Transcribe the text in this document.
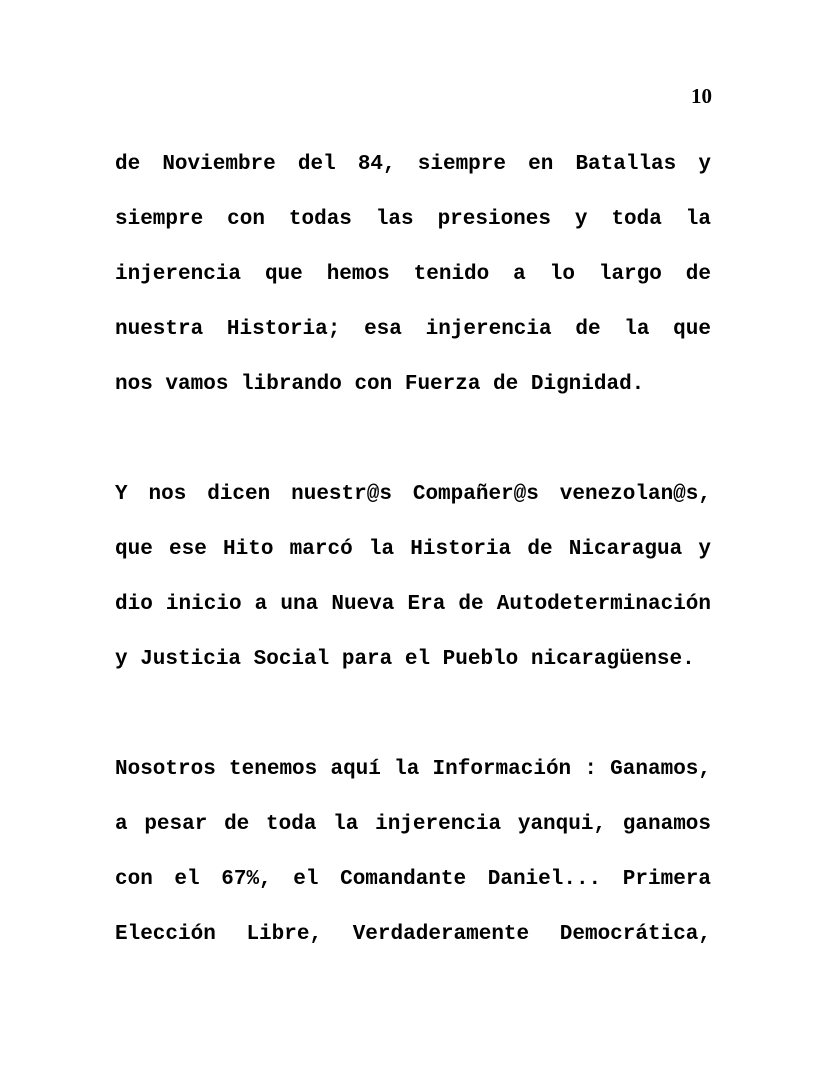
10
de Noviembre del 84, siempre en Batallas y
siempre con todas las presiones y toda la
injerencia que hemos tenido a lo largo de
nuestra Historia; esa injerencia de la que
nos vamos librando con Fuerza de Dignidad.
Y nos dicen nuestr@s Compañer@s venezolan@s,
que ese Hito marcó la Historia de Nicaragua y
dio inicio a una Nueva Era de Autodeterminación
y Justicia Social para el Pueblo nicaragüense.
Nosotros tenemos aquí la Información : Ganamos,
a pesar de toda la injerencia yanqui, ganamos
con el 67%, el Comandante Daniel... Primera
Elección Libre, Verdaderamente Democrática,
